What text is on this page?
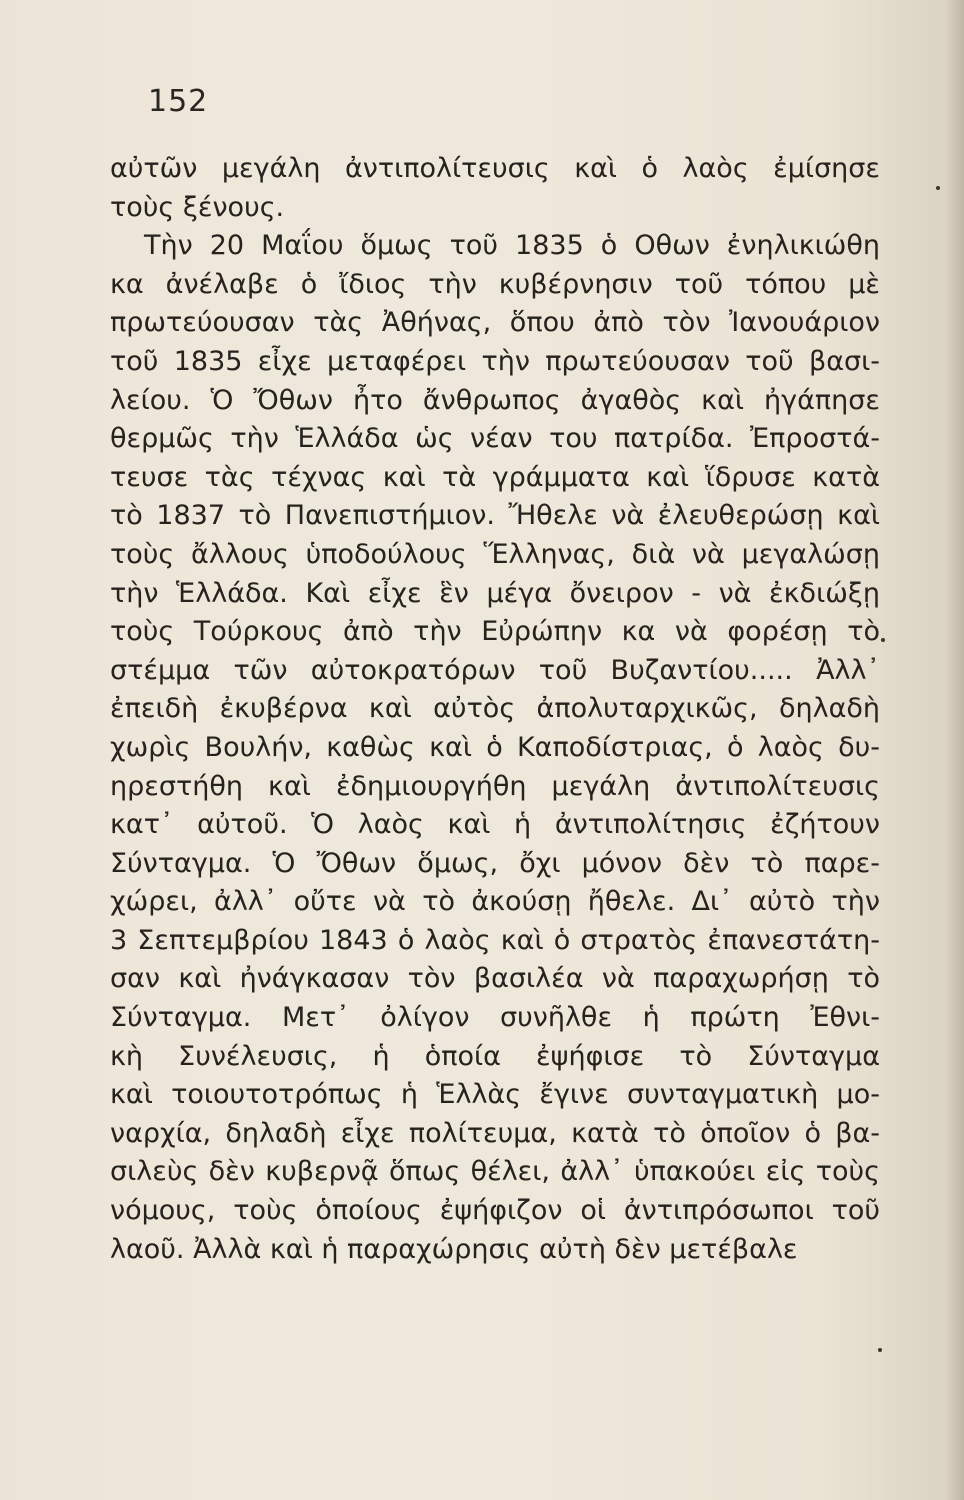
152
αὐτῶν μεγάλη ἀντιπολίτευσις καὶ ὁ λαὸς ἐμίσησε
τοὺς ξένους.
Τὴν 20 Μαΐου ὅμως τοῦ 1835 ὁ Οθων ἐνηλικιώθη
κα ἀνέλαβε ὁ ἴδιος τὴν κυβέρνησιν τοῦ τόπου μὲ
πρωτεύουσαν τὰς Ἀθήνας, ὅπου ἀπὸ τὸν Ἰανουάριον
τοῦ 1835 εἶχε μεταφέρει τὴν πρωτεύουσαν τοῦ βασι-
λείου. Ὁ Ὄθων ἦτο ἄνθρωπος ἀγαθὸς καὶ ἠγάπησε
θερμῶς τὴν Ἑλλάδα ὡς νέαν του πατρίδα. Ἐπροστά-
τευσε τὰς τέχνας καὶ τὰ γράμματα καὶ ἵδρυσε κατὰ
τὸ 1837 τὸ Πανεπιστήμιον. Ἤθελε νὰ ἐλευθερώσῃ καὶ
τοὺς ἄλλους ὑποδούλους Ἕλληνας, διὰ νὰ μεγαλώσῃ
τὴν Ἑλλάδα. Καὶ εἶχε ἓν μέγα ὄνειρον - νὰ ἐκδιώξῃ
τοὺς Τούρκους ἀπὸ τὴν Εὐρώπην κα νὰ φορέσῃ τὸ
στέμμα τῶν αὐτοκρατόρων τοῦ Βυζαντίου..... Ἀλλ᾽
ἐπειδὴ ἐκυβέρνα καὶ αὐτὸς ἀπολυταρχικῶς, δηλαδὴ
χωρὶς Βουλήν, καθὼς καὶ ὁ Καποδίστριας, ὁ λαὸς δυ-
ηρεστήθη καὶ ἐδημιουργήθη μεγάλη ἀντιπολίτευσις
κατ᾽ αὐτοῦ. Ὁ λαὸς καὶ ἡ ἀντιπολίτησις ἐζήτουν
Σύνταγμα. Ὁ Ὄθων ὅμως, ὄχι μόνον δὲν τὸ παρε-
χώρει, ἀλλ᾽ οὔτε νὰ τὸ ἀκούσῃ ἤθελε. Δι᾽ αὐτὸ τὴν
3 Σεπτεμβρίου 1843 ὁ λαὸς καὶ ὁ στρατὸς ἐπανεστάτη-
σαν καὶ ἠνάγκασαν τὸν βασιλέα νὰ παραχωρήσῃ τὸ
Σύνταγμα. Μετ᾽ ὀλίγον συνῆλθε ἡ πρώτη Ἐθνι-
κὴ Συνέλευσις, ἡ ὁποία ἐψήφισε τὸ Σύνταγμα
καὶ τοιουτοτρόπως ἡ Ἑλλὰς ἔγινε συνταγματικὴ μο-
ναρχία, δηλαδὴ εἶχε πολίτευμα, κατὰ τὸ ὁποῖον ὁ βα-
σιλεὺς δὲν κυβερνᾷ ὅπως θέλει, ἀλλ᾽ ὑπακούει εἰς τοὺς
νόμους, τοὺς ὁποίους ἐψήφιζον οἱ ἀντιπρόσωποι τοῦ
λαοῦ. Ἀλλὰ καὶ ἡ παραχώρησις αὐτὴ δὲν μετέβαλε
